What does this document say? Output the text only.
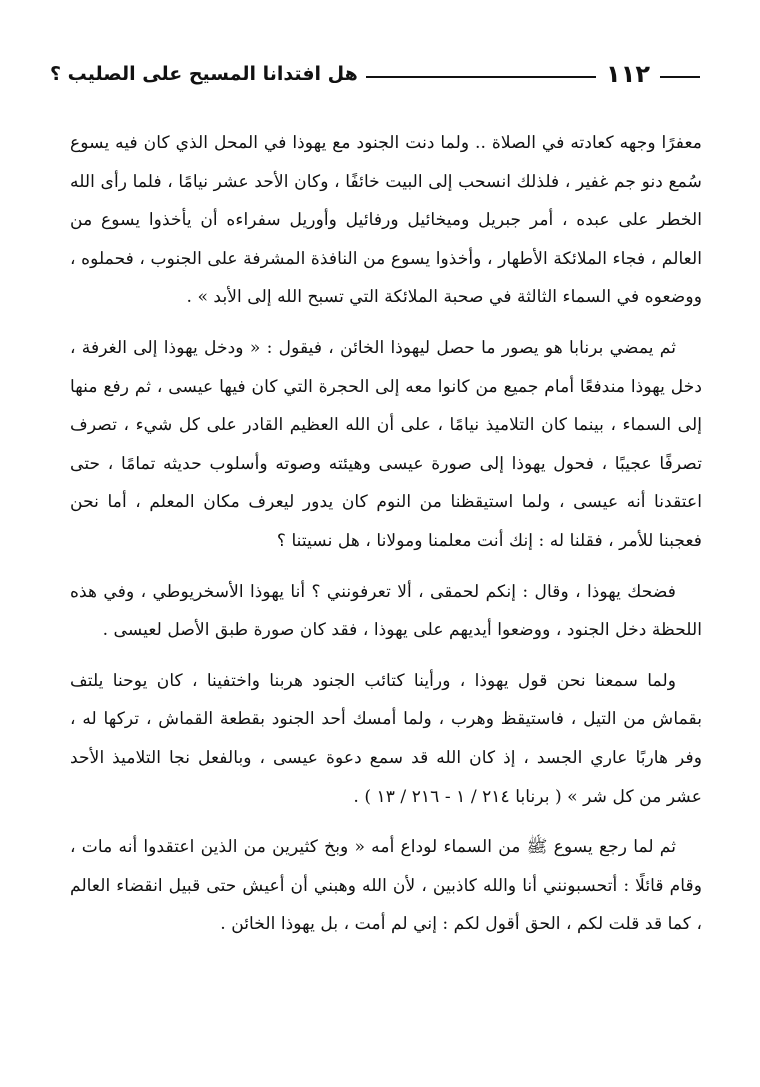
١١٢
هل افتدانا المسيح على الصليب ؟

معفرًا وجهه كعادته في الصلاة .. ولما دنت الجنود مع يهوذا في المحل الذي كان فيه يسوع سُمع دنو جم غفير ، فلذلك انسحب إلى البيت خائفًا ، وكان الأحد عشر نيامًا ، فلما رأى الله الخطر على عبده ، أمر جبريل وميخائيل ورفائيل وأوريل سفراءه أن يأخذوا يسوع من العالم ، فجاء الملائكة الأطهار ، وأخذوا يسوع من النافذة المشرفة على الجنوب ، فحملوه ، ووضعوه في السماء الثالثة في صحبة الملائكة التي تسبح الله إلى الأبد » .

ثم يمضي برنابا هو يصور ما حصل ليهوذا الخائن ، فيقول : « ودخل يهوذا إلى الغرفة ، دخل يهوذا مندفعًا أمام جميع من كانوا معه إلى الحجرة التي كان فيها عيسى ، ثم رفع منها إلى السماء ، بينما كان التلاميذ نيامًا ، على أن الله العظيم القادر على كل شيء ، تصرف تصرفًا عجيبًا ، فحول يهوذا إلى صورة عيسى وهيئته وصوته وأسلوب حديثه تمامًا ، حتى اعتقدنا أنه عيسى ، ولما استيقظنا من النوم كان يدور ليعرف مكان المعلم ، أما نحن فعجبنا للأمر ، فقلنا له : إنك أنت معلمنا ومولانا ، هل نسيتنا ؟

فضحك يهوذا ، وقال : إنكم لحمقى ، ألا تعرفونني ؟ أنا يهوذا الأسخريوطي ، وفي هذه اللحظة دخل الجنود ، ووضعوا أيديهم على يهوذا ، فقد كان صورة طبق الأصل لعيسى .

ولما سمعنا نحن قول يهوذا ، ورأينا كتائب الجنود هربنا واختفينا ، كان يوحنا يلتف بقماش من التيل ، فاستيقظ وهرب ، ولما أمسك أحد الجنود بقطعة القماش ، تركها له ، وفر هاربًا عاري الجسد ، إذ كان الله قد سمع دعوة عيسى ، وبالفعل نجا التلاميذ الأحد عشر من كل شر » ( برنابا ٢١٤ / ١ - ٢١٦ / ١٣ ) .

ثم لما رجع يسوع ﷺ من السماء لوداع أمه « وبخ كثيرين من الذين اعتقدوا أنه مات ، وقام قائلًا : أتحسبونني أنا والله كاذبين ، لأن الله وهبني أن أعيش حتى قبيل انقضاء العالم ، كما قد قلت لكم ، الحق أقول لكم : إني لم أمت ، بل يهوذا الخائن .
